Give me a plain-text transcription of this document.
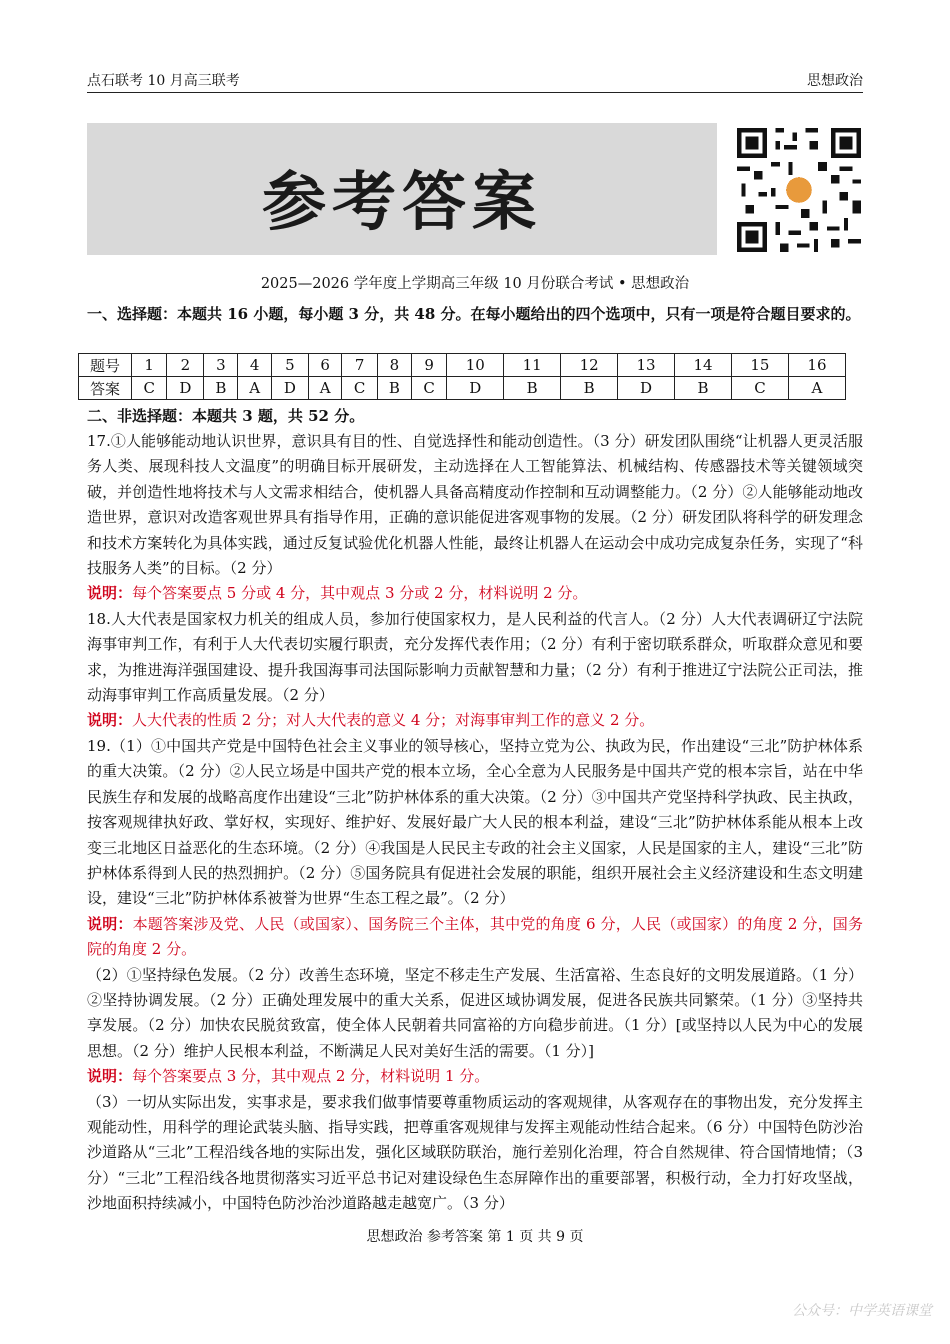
点石联考 10 月高三联考	思想政治
参考答案
2025—2026 学年度上学期高三年级 10 月份联合考试 • 思想政治
一、选择题：本题共 16 小题，每小题 3 分，共 48 分。在每小题给出的四个选项中，只有一项是符合题目要求的。
题号	1	2	3	4	5	6	7	8	9	10	11	12	13	14	15	16
答案	C	D	B	A	D	A	C	B	C	D	B	B	D	B	C	A
二、非选择题：本题共 3 题，共 52 分。

17.①人能够能动地认识世界，意识具有目的性、自觉选择性和能动创造性。（3 分）研发团队围绕“让机器人更灵活服务人类、展现科技人文温度”的明确目标开展研发，主动选择在人工智能算法、机械结构、传感器技术等关键领域突破，并创造性地将技术与人文需求相结合，使机器人具备高精度动作控制和互动调整能力。（2 分）②人能够能动地改造世界，意识对改造客观世界具有指导作用，正确的意识能促进客观事物的发展。（2 分）研发团队将科学的研发理念和技术方案转化为具体实践，通过反复试验优化机器人性能，最终让机器人在运动会中成功完成复杂任务，实现了“科技服务人类”的目标。（2 分）

说明：每个答案要点 5 分或 4 分，其中观点 3 分或 2 分，材料说明 2 分。

18.人大代表是国家权力机关的组成人员，参加行使国家权力，是人民利益的代言人。（2 分）人大代表调研辽宁法院海事审判工作，有利于人大代表切实履行职责，充分发挥代表作用；（2 分）有利于密切联系群众，听取群众意见和要求，为推进海洋强国建设、提升我国海事司法国际影响力贡献智慧和力量；（2 分）有利于推进辽宁法院公正司法，推动海事审判工作高质量发展。（2 分）

说明：人大代表的性质 2 分；对人大代表的意义 4 分；对海事审判工作的意义 2 分。

19.（1）①中国共产党是中国特色社会主义事业的领导核心，坚持立党为公、执政为民，作出建设“三北”防护林体系的重大决策。（2 分）②人民立场是中国共产党的根本立场，全心全意为人民服务是中国共产党的根本宗旨，站在中华民族生存和发展的战略高度作出建设“三北”防护林体系的重大决策。（2 分）③中国共产党坚持科学执政、民主执政，按客观规律执好政、掌好权，实现好、维护好、发展好最广大人民的根本利益，建设“三北”防护林体系能从根本上改变三北地区日益恶化的生态环境。（2 分）④我国是人民民主专政的社会主义国家，人民是国家的主人，建设“三北”防护林体系得到人民的热烈拥护。（2 分）⑤国务院具有促进社会发展的职能，组织开展社会主义经济建设和生态文明建设，建设“三北”防护林体系被誉为世界“生态工程之最”。（2 分）

说明：本题答案涉及党、人民（或国家）、国务院三个主体，其中党的角度 6 分，人民（或国家）的角度 2 分，国务院的角度 2 分。

（2）①坚持绿色发展。（2 分）改善生态环境，坚定不移走生产发展、生活富裕、生态良好的文明发展道路。（1 分）②坚持协调发展。（2 分）正确处理发展中的重大关系，促进区域协调发展，促进各民族共同繁荣。（1 分）③坚持共享发展。（2 分）加快农民脱贫致富，使全体人民朝着共同富裕的方向稳步前进。（1 分）[或坚持以人民为中心的发展思想。（2 分）维护人民根本利益，不断满足人民对美好生活的需要。（1 分）]

说明：每个答案要点 3 分，其中观点 2 分，材料说明 1 分。

（3）一切从实际出发，实事求是，要求我们做事情要尊重物质运动的客观规律，从客观存在的事物出发，充分发挥主观能动性，用科学的理论武装头脑、指导实践，把尊重客观规律与发挥主观能动性结合起来。（6 分）中国特色防沙治沙道路从“三北”工程沿线各地的实际出发，强化区域联防联治，施行差别化治理，符合自然规律、符合国情地情；（3 分）“三北”工程沿线各地贯彻落实习近平总书记对建设绿色生态屏障作出的重要部署，积极行动，全力打好攻坚战，沙地面积持续减小，中国特色防沙治沙道路越走越宽广。（3 分）

思想政治 参考答案 第 1 页 共 9 页
公众号：中学英语课堂
